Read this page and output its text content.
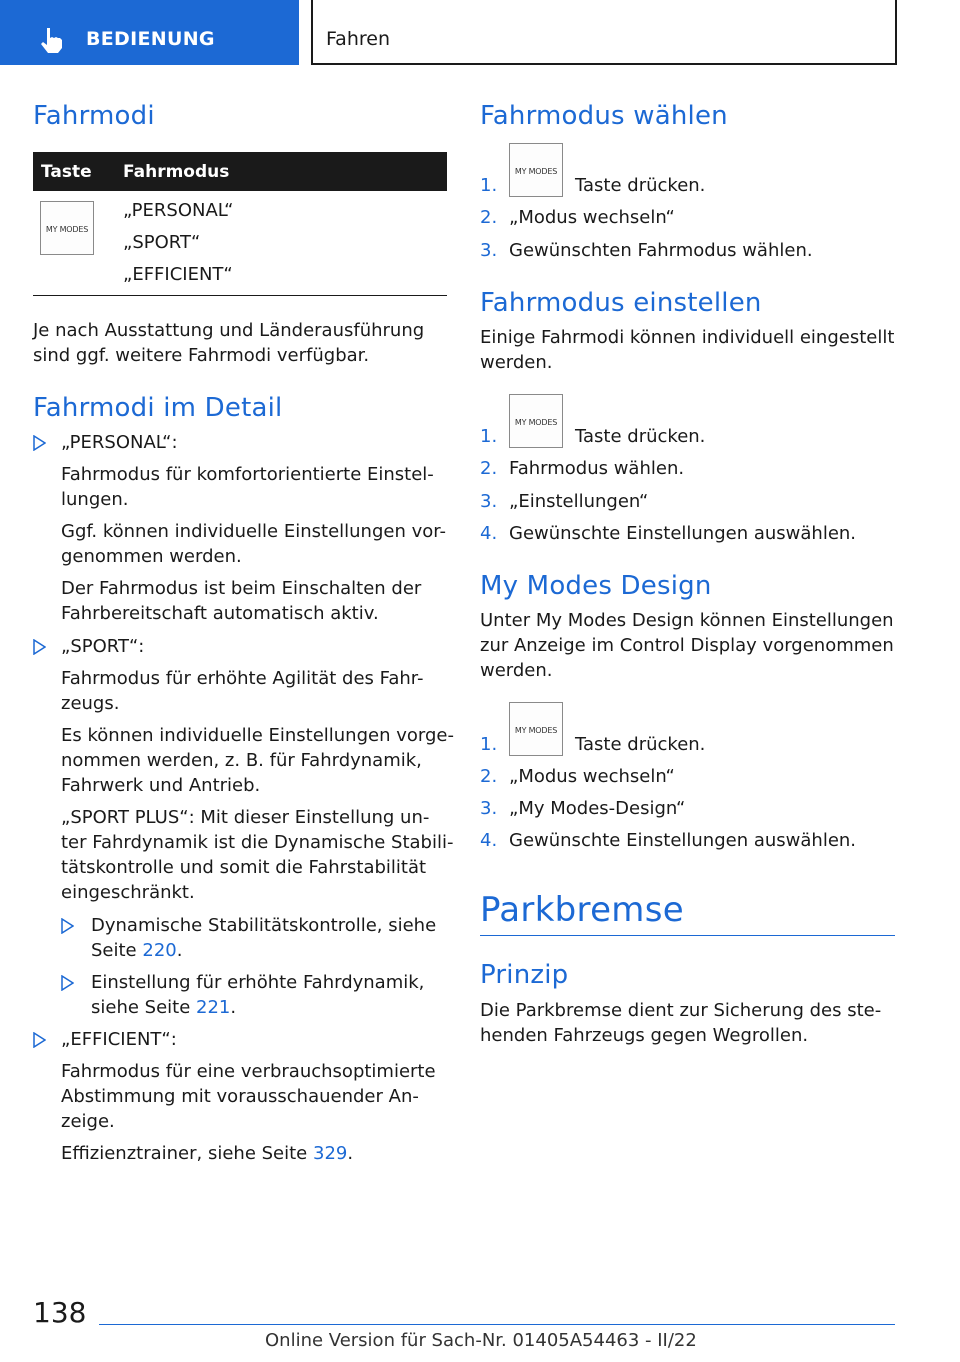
BEDIENUNG	Fahren
Fahrmodi
Taste Fahrmodus
MY MODES
„PERSONAL“
„SPORT“
„EFFICIENT“
Je nach Ausstattung und Länderausführung
sind ggf. weitere Fahrmodi verfügbar.
Fahrmodi im Detail
„PERSONAL“:
Fahrmodus für komfortorientierte Einstel-
lungen.
Ggf. können individuelle Einstellungen vor-
genommen werden.
Der Fahrmodus ist beim Einschalten der
Fahrbereitschaft automatisch aktiv.
„SPORT“:
Fahrmodus für erhöhte Agilität des Fahr-
zeugs.
Es können individuelle Einstellungen vorge-
nommen werden, z. B. für Fahrdynamik,
Fahrwerk und Antrieb.
„SPORT PLUS“: Mit dieser Einstellung un-
ter Fahrdynamik ist die Dynamische Stabili-
tätskontrolle und somit die Fahrstabilität
eingeschränkt.
Dynamische Stabilitätskontrolle, siehe
Seite 220.
Einstellung für erhöhte Fahrdynamik,
siehe Seite 221.
„EFFICIENT“:
Fahrmodus für eine verbrauchsoptimierte
Abstimmung mit vorausschauender An-
zeige.
Effizienztrainer, siehe Seite 329.
Fahrmodus wählen
1.
MY MODES
Taste drücken.
2. „Modus wechseln“
3. Gewünschten Fahrmodus wählen.
Fahrmodus einstellen
Einige Fahrmodi können individuell eingestellt
werden.
1.
MY MODES
Taste drücken.
2. Fahrmodus wählen.
3. „Einstellungen“
4. Gewünschte Einstellungen auswählen.
My Modes Design
Unter My Modes Design können Einstellungen
zur Anzeige im Control Display vorgenommen
werden.
1.
MY MODES
Taste drücken.
2. „Modus wechseln“
3. „My Modes-Design“
4. Gewünschte Einstellungen auswählen.
Parkbremse
Prinzip
Die Parkbremse dient zur Sicherung des ste-
henden Fahrzeugs gegen Wegrollen.
138
Online Version für Sach-Nr. 01405A54463 - II/22
